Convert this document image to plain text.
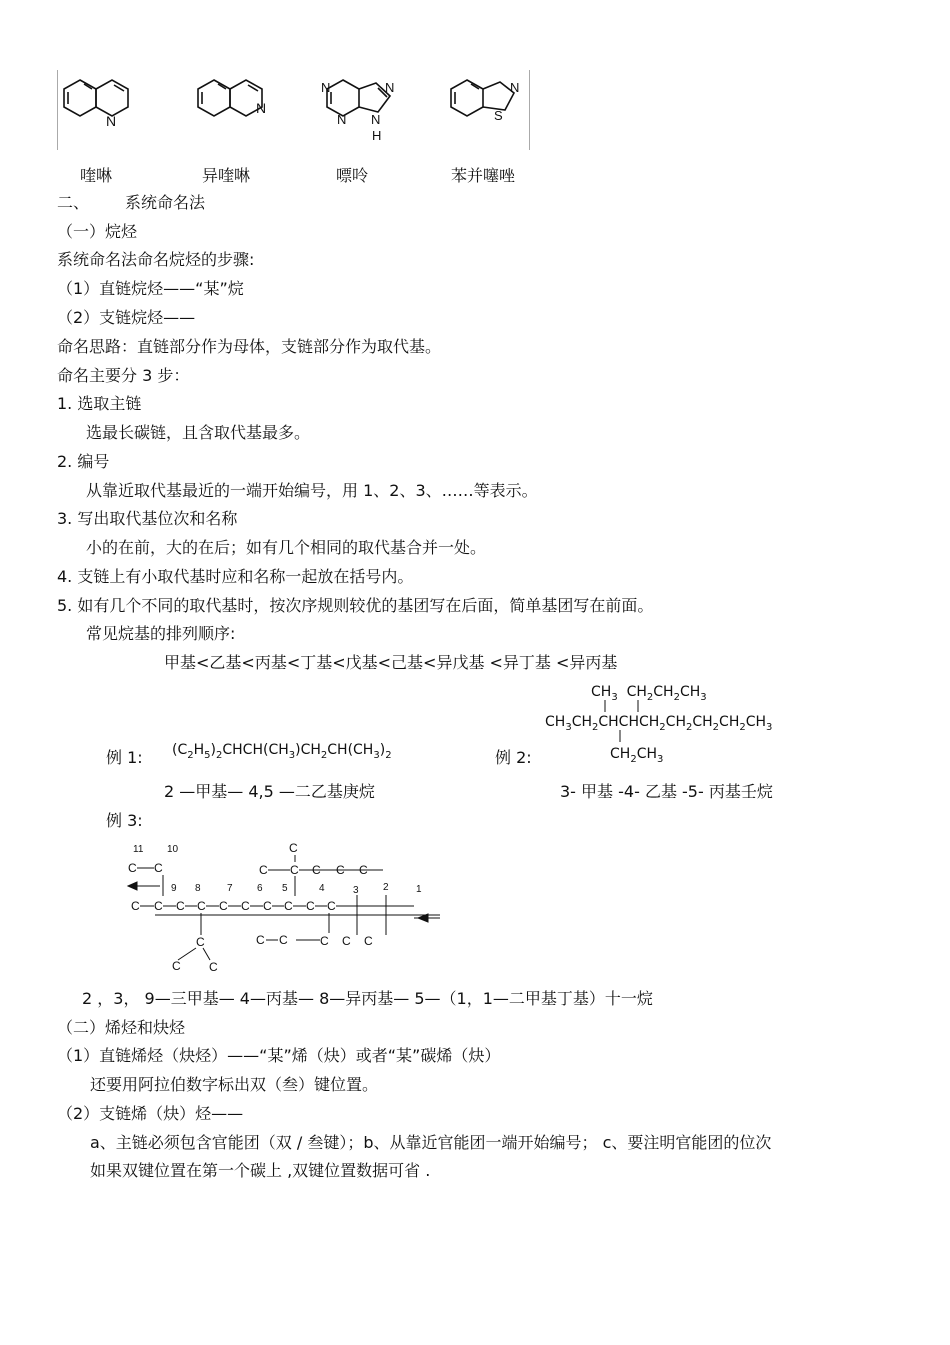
N
N
N
N
N
N
H
N
S
喹啉	异喹啉	嘌呤	苯并噻唑
二、 系统命名法
（一）烷烃
系统命名法命名烷烃的步骤:
（1）直链烷烃——“某”烷
（2）支链烷烃——
命名思路：直链部分作为母体，支链部分作为取代基。
命名主要分 3 步：
1. 选取主链
选最长碳链，且含取代基最多。
2. 编号
从靠近取代基最近的一端开始编号，用 1、2、3、……等表示。
3. 写出取代基位次和名称
小的在前，大的在后；如有几个相同的取代基合并一处。
4. 支链上有小取代基时应和名称一起放在括号内。
5. 如有几个不同的取代基时，按次序规则较优的基团写在后面，简单基团写在前面。
常见烷基的排列顺序:
甲基<乙基<丙基<丁基<戊基<己基<异戊基 <异丁基 <异丙基
$CH_3$  $CH_2CH_2CH_3$
$CH_3CH_2CHCHCH_2CH_2CH_2CH_2CH_3$
$CH_2CH_3$
例 1: $(C_2H_5)_2CHCH(CH_3)CH_2CH(CH_3)_2$	例 2:
2 —甲基— 4,5 —二乙基庚烷	3- 甲基 -4- 乙基 -5- 丙基壬烷
例 3:
11 10
9 8	7 6 5	4	3 2	1
C
C C C C C
C C
C C C C C C C C C C
C	C C	C C C
C C
2 ，3， 9—三甲基— 4—丙基— 8—异丙基— 5—（1，1—二甲基丁基）十一烷
（二）烯烃和炔烃
（1）直链烯烃（炔烃）——“某”烯（炔）或者“某”碳烯（炔）
还要用阿拉伯数字标出双（叁）键位置。
（2）支链烯（炔）烃——
a、主链必须包含官能团（双 / 叁键）；b、从靠近官能团一端开始编号； c、要注明官能团的位次
如果双键位置在第一个碳上 ,双键位置数据可省 .
